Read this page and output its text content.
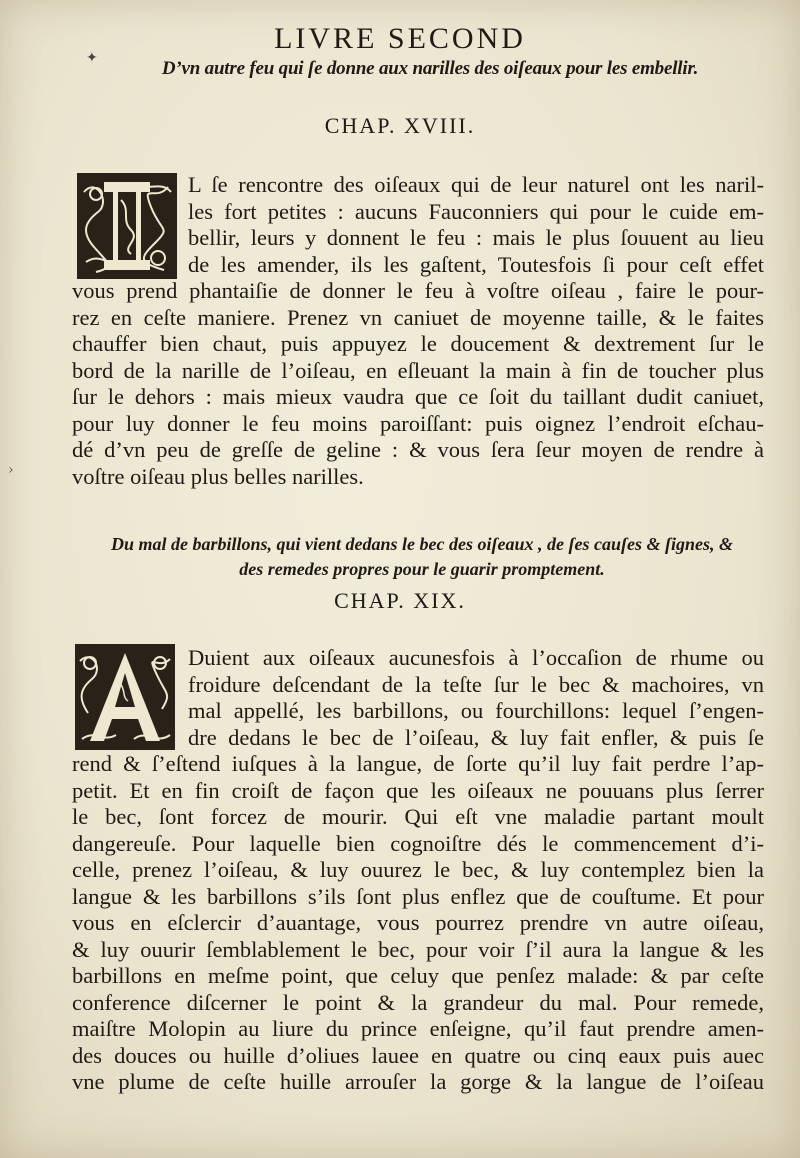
LIVRE SECOND
D’vn autre feu qui ſe donne aux narilles des oiſeaux pour les embellir.
CHAP. XVIII.
L ſe rencontre des oiſeaux qui de leur naturel ont les naril-
les fort petites : aucuns Fauconniers qui pour le cuide em-
bellir, leurs y donnent le feu : mais le plus ſouuent au lieu
de les amender, ils les gaſtent, Toutesfois ſi pour ceſt effet
vous prend phantaiſie de donner le feu à voſtre oiſeau , faire le pour-
rez en ceſte maniere. Prenez vn caniuet de moyenne taille, & le faites
chauffer bien chaut, puis appuyez le doucement & dextrement ſur le
bord de la narille de l’oiſeau, en eſleuant la main à fin de toucher plus
ſur le dehors : mais mieux vaudra que ce ſoit du taillant dudit caniuet,
pour luy donner le feu moins paroiſſant: puis oignez l’endroit eſchau-
dé d’vn peu de greſſe de geline : & vous ſera ſeur moyen de rendre à
voſtre oiſeau plus belles narilles.
Du mal de barbillons, qui vient dedans le bec des oiſeaux , de ſes cauſes & ſignes, &
des remedes propres pour le guarir promptement.
CHAP. XIX.
Duient aux oiſeaux aucunesfois à l’occaſion de rhume ou
froidure deſcendant de la teſte ſur le bec & machoires, vn
mal appellé, les barbillons, ou fourchillons: lequel ſ’engen-
dre dedans le bec de l’oiſeau, & luy fait enfler, & puis ſe
rend & ſ’eſtend iuſques à la langue, de ſorte qu’il luy fait perdre l’ap-
petit. Et en fin croiſt de façon que les oiſeaux ne pouuans plus ſerrer
le bec, ſont forcez de mourir. Qui eſt vne maladie partant moult
dangereuſe. Pour laquelle bien cognoiſtre dés le commencement d’i-
celle, prenez l’oiſeau, & luy ouurez le bec, & luy contemplez bien la
langue & les barbillons s’ils ſont plus enflez que de couſtume. Et pour
vous en eſclercir d’auantage, vous pourrez prendre vn autre oiſeau,
& luy ouurir ſemblablement le bec, pour voir ſ’il aura la langue & les
barbillons en meſme point, que celuy que penſez malade: & par ceſte
conference diſcerner le point & la grandeur du mal. Pour remede,
maiſtre Molopin au liure du prince enſeigne, qu’il faut prendre amen-
des douces ou huille d’oliues lauee en quatre ou cinq eaux puis auec
vne plume de ceſte huille arrouſer la gorge & la langue de l’oiſeau
✦
›
